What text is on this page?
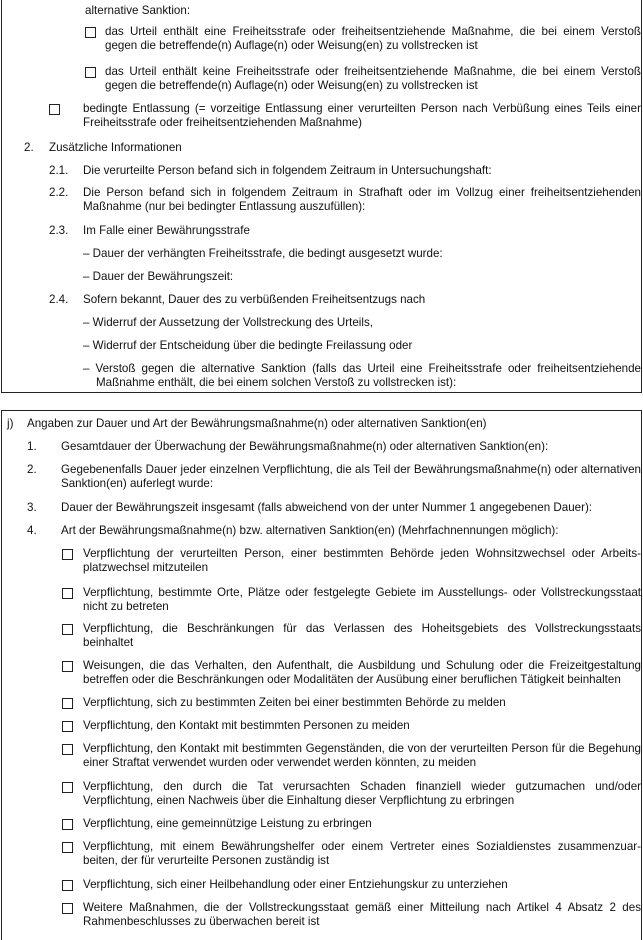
alternative Sanktion:
das Urteil enthält eine Freiheitsstrafe oder freiheitsentziehende Maßnahme, die bei einem Verstoß gegen die betreffende(n) Auflage(n) oder Weisung(en) zu vollstrecken ist
das Urteil enthält keine Freiheitsstrafe oder freiheitsentziehende Maßnahme, die bei einem Verstoß gegen die betreffende(n) Auflage(n) oder Weisung(en) zu vollstrecken ist
bedingte Entlassung (= vorzeitige Entlassung einer verurteilten Person nach Verbüßung eines Teils einer Freiheitsstrafe oder freiheitsentziehenden Maßnahme)
2. Zusätzliche Informationen
2.1. Die verurteilte Person befand sich in folgendem Zeitraum in Untersuchungshaft:
2.2. Die Person befand sich in folgendem Zeitraum in Strafhaft oder im Vollzug einer freiheitsentziehenden Maßnahme (nur bei bedingter Entlassung auszufüllen):
2.3. Im Falle einer Bewährungsstrafe
– Dauer der verhängten Freiheitsstrafe, die bedingt ausgesetzt wurde:
– Dauer der Bewährungszeit:
2.4. Sofern bekannt, Dauer des zu verbüßenden Freiheitsentzugs nach
– Widerruf der Aussetzung der Vollstreckung des Urteils,
– Widerruf der Entscheidung über die bedingte Freilassung oder
– Verstoß gegen die alternative Sanktion (falls das Urteil eine Freiheitsstrafe oder freiheitsentziehende Maßnahme enthält, die bei einem solchen Verstoß zu vollstrecken ist):
j) Angaben zur Dauer und Art der Bewährungsmaßnahme(n) oder alternativen Sanktion(en)
1. Gesamtdauer der Überwachung der Bewährungsmaßnahme(n) oder alternativen Sanktion(en):
2. Gegebenenfalls Dauer jeder einzelnen Verpflichtung, die als Teil der Bewährungsmaßnahme(n) oder alternativen Sanktion(en) auferlegt wurde:
3. Dauer der Bewährungszeit insgesamt (falls abweichend von der unter Nummer 1 angegebenen Dauer):
4. Art der Bewährungsmaßnahme(n) bzw. alternativen Sanktion(en) (Mehrfachnennungen möglich):
Verpflichtung der verurteilten Person, einer bestimmten Behörde jeden Wohnsitzwechsel oder Arbeits-platzwechsel mitzuteilen
Verpflichtung, bestimmte Orte, Plätze oder festgelegte Gebiete im Ausstellungs- oder Vollstreckungsstaat nicht zu betreten
Verpflichtung, die Beschränkungen für das Verlassen des Hoheitsgebiets des Vollstreckungsstaats beinhaltet
Weisungen, die das Verhalten, den Aufenthalt, die Ausbildung und Schulung oder die Freizeitgestaltung betreffen oder die Beschränkungen oder Modalitäten der Ausübung einer beruflichen Tätigkeit beinhalten
Verpflichtung, sich zu bestimmten Zeiten bei einer bestimmten Behörde zu melden
Verpflichtung, den Kontakt mit bestimmten Personen zu meiden
Verpflichtung, den Kontakt mit bestimmten Gegenständen, die von der verurteilten Person für die Begehung einer Straftat verwendet wurden oder verwendet werden könnten, zu meiden
Verpflichtung, den durch die Tat verursachten Schaden finanziell wieder gutzumachen und/oder Verpflichtung, einen Nachweis über die Einhaltung dieser Verpflichtung zu erbringen
Verpflichtung, eine gemeinnützige Leistung zu erbringen
Verpflichtung, mit einem Bewährungshelfer oder einem Vertreter eines Sozialdienstes zusammenzuar-beiten, der für verurteilte Personen zuständig ist
Verpflichtung, sich einer Heilbehandlung oder einer Entziehungskur zu unterziehen
Weitere Maßnahmen, die der Vollstreckungsstaat gemäß einer Mitteilung nach Artikel 4 Absatz 2 des Rahmenbeschlusses zu überwachen bereit ist
